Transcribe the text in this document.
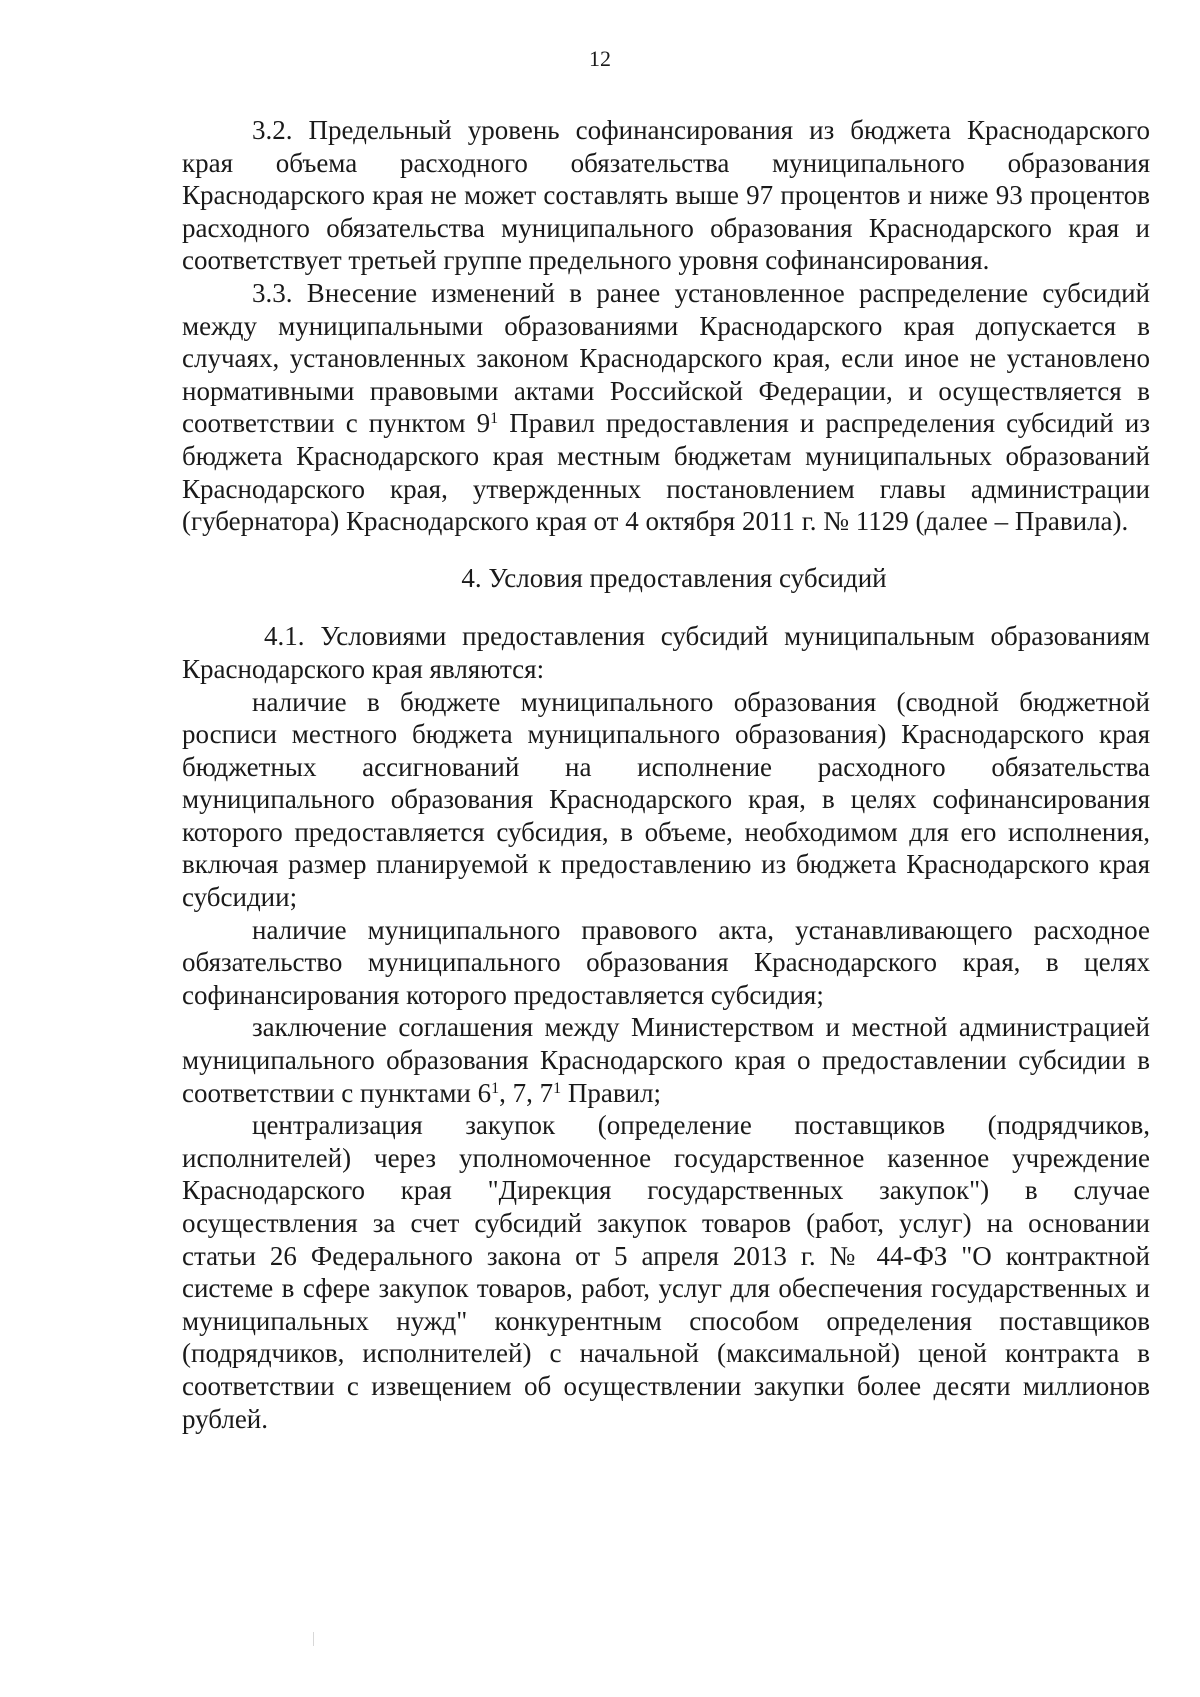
12

3.2. Предельный уровень софинансирования из бюджета Краснодарского края объема расходного обязательства муниципального образования Краснодарского края не может составлять выше 97 процентов и ниже 93 процентов расходного обязательства муниципального образования Краснодарского края и соответствует третьей группе предельного уровня софинансирования.

3.3. Внесение изменений в ранее установленное распределение субсидий между муниципальными образованиями Краснодарского края допускается в случаях, установленных законом Краснодарского края, если иное не установлено нормативными правовыми актами Российской Федерации, и осуществляется в соответствии с пунктом $9^1$ Правил предоставления и распределения субсидий из бюджета Краснодарского края местным бюджетам муниципальных образований Краснодарского края, утвержденных постановлением главы администрации (губернатора) Краснодарского края от 4 октября 2011 г. № 1129 (далее – Правила).

4. Условия предоставления субсидий

4.1. Условиями предоставления субсидий муниципальным образованиям Краснодарского края являются:

наличие в бюджете муниципального образования (сводной бюджетной росписи местного бюджета муниципального образования) Краснодарского края бюджетных ассигнований на исполнение расходного обязательства муниципального образования Краснодарского края, в целях софинансирования которого предоставляется субсидия, в объеме, необходимом для его исполнения, включая размер планируемой к предоставлению из бюджета Краснодарского края субсидии;

наличие муниципального правового акта, устанавливающего расходное обязательство муниципального образования Краснодарского края, в целях софинансирования которого предоставляется субсидия;

заключение соглашения между Министерством и местной администрацией муниципального образования Краснодарского края о предоставлении субсидии в соответствии с пунктами $6^1$, 7, $7^1$ Правил;

централизация закупок (определение поставщиков (подрядчиков, исполнителей) через уполномоченное государственное казенное учреждение Краснодарского края "Дирекция государственных закупок") в случае осуществления за счет субсидий закупок товаров (работ, услуг) на основании статьи 26 Федерального закона от 5 апреля 2013 г. № 44-ФЗ "О контрактной системе в сфере закупок товаров, работ, услуг для обеспечения государственных и муниципальных нужд" конкурентным способом определения поставщиков (подрядчиков, исполнителей) с начальной (максимальной) ценой контракта в соответствии с извещением об осуществлении закупки более десяти миллионов рублей.
